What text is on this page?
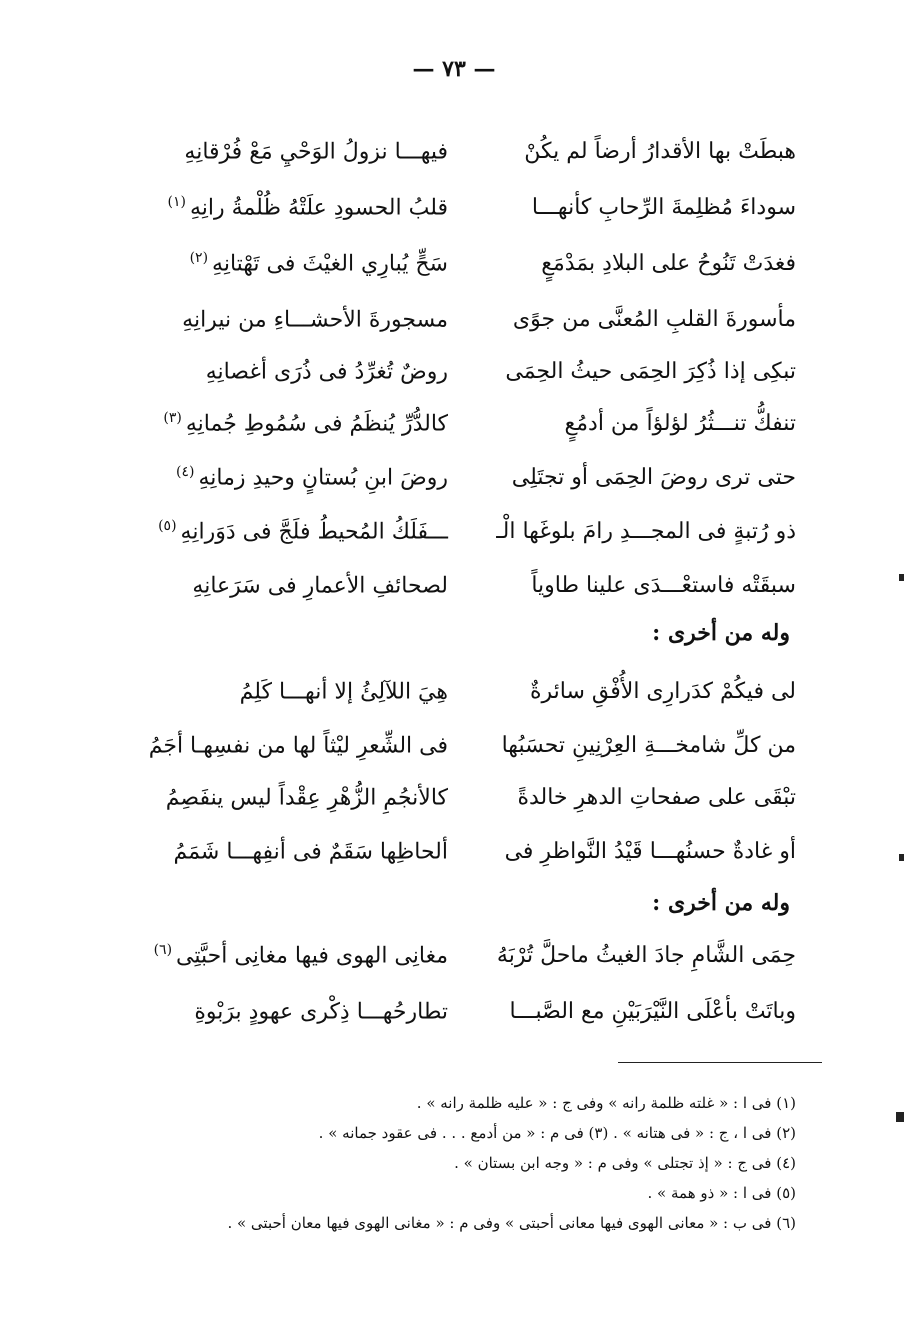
— ٧٣ —
هبطَتْ بها الأقدارُ أرضاً لم يكُنْ
فيهـــا نزولُ الوَحْيِ مَعْ فُرْقانِهِ
سوداءَ مُظلِمةَ الرِّحابِ كأنهـــا
قلبُ الحسودِ علَتْهُ ظُلْمةُ رانِهِ$^{(١)}$
فغدَتْ تَنُوحُ على البلادِ بمَدْمَعٍ
سَحٍّ يُبارِي الغيْثَ فى تَهْتانِهِ$^{(٢)}$
مأسورةَ القلبِ المُعنَّى من جوًى
مسجورةَ الأحشـــاءِ من نيرانِهِ
تبكِى إذا ذُكِرَ الحِمَى حيثُ الحِمَى
روضٌ تُغرِّدُ فى ذُرَى أغصانِهِ
تنفكُّ تنـــثُرُ لؤلؤاً من أدمُعٍ
كالدُّرِّ يُنظَمُ فى سُمُوطِ جُمانِهِ$^{(٣)}$
حتى ترى روضَ الحِمَى أو تجتَلِى
روضَ ابنِ بُستانٍ وحيدِ زمانِهِ$^{(٤)}$
ذو رُتبةٍ فى المجـــدِ رامَ بلوغَها الْـ
ـــفَلَكُ المُحيطُ فلَجَّ فى دَوَرانِهِ$^{(٥)}$
سبقَتْه فاستعْـــدَى علينا طاوياً
لصحائفِ الأعمارِ فى سَرَعانِهِ
وله من أخرى :
لى فيكُمْ كدَرارِى الأُفْقِ سائرةٌ
هِيَ اللآلِئُ إلا أنهـــا كَلِمُ
من كلِّ شامخـــةِ العِرْنِينِ تحسَبُها
فى الشِّعرِ ليْثاً لها من نفسِهـا أجَمُ
تبْقَى على صفحاتِ الدهرِ خالدةً
كالأنجُمِ الزُّهْرِ عِقْداً ليس ينفَصِمُ
أو غادةٌ حسنُهـــا قَيْدُ النَّواظرِ فى
ألحاظِها سَقَمٌ فى أنفِهـــا شَمَمُ
وله من أخرى :
حِمَى الشَّامِ جادَ الغيثُ ماحلَّ تُرْبَهُ
مغانِى الهوى فيها مغانِى أحبَّتِى$^{(٦)}$
وباتَتْ بأعْلَى النَّيْرَبَيْنِ مع الصَّبـــا
تطارحُهـــا ذِكْرى عهودٍ برَبْوةِ
(١) فى ا : « غلته ظلمة رانه » وفى ج : « عليه ظلمة رانه » .
(٢) فى ا ، ج : « فى هتانه » . (٣) فى م : « من أدمع . . . فى عقود جمانه » .
(٤) فى ج : « إذ تجتلى » وفى م : « وجه ابن بستان » .
(٥) فى ا : « ذو همة » .
(٦) فى ب : « معانى الهوى فيها معانى أحبتى » وفى م : « مغانى الهوى فيها معان أحبتى » .
